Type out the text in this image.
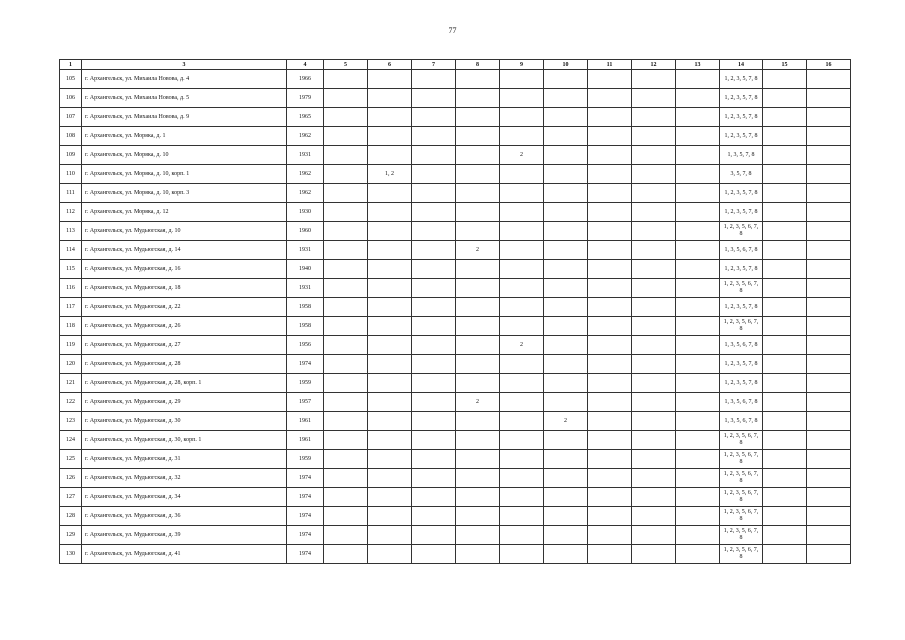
77
1	3	4	5	6	7	8	9	10	11	12	13	14	15	16
105	г. Архангельск, ул. Михаила Новова, д. 4	1966										1, 2, 3, 5, 7, 8		
106	г. Архангельск, ул. Михаила Новова, д. 5	1979										1, 2, 3, 5, 7, 8		
107	г. Архангельск, ул. Михаила Новова, д. 9	1965										1, 2, 3, 5, 7, 8		
108	г. Архангельск, ул. Моряка, д. 1	1962										1, 2, 3, 5, 7, 8		
109	г. Архангельск, ул. Моряка, д. 10	1931					2					1, 3, 5, 7, 8		
110	г. Архангельск, ул. Моряка, д. 10, корп. 1	1962		1, 2								3, 5, 7, 8		
111	г. Архангельск, ул. Моряка, д. 10, корп. 3	1962										1, 2, 3, 5, 7, 8		
112	г. Архангельск, ул. Моряка, д. 12	1930										1, 2, 3, 5, 7, 8		
113	г. Архангельск, ул. Мудьюгская, д. 10	1960										1, 2, 3, 5, 6, 7, 8		
114	г. Архангельск, ул. Мудьюгская, д. 14	1931				2						1, 3, 5, 6, 7, 8		
115	г. Архангельск, ул. Мудьюгская, д. 16	1940										1, 2, 3, 5, 7, 8		
116	г. Архангельск, ул. Мудьюгская, д. 18	1931										1, 2, 3, 5, 6, 7, 8		
117	г. Архангельск, ул. Мудьюгская, д. 22	1958										1, 2, 3, 5, 7, 8		
118	г. Архангельск, ул. Мудьюгская, д. 26	1958										1, 2, 3, 5, 6, 7, 8		
119	г. Архангельск, ул. Мудьюгская, д. 27	1956					2					1, 3, 5, 6, 7, 8		
120	г. Архангельск, ул. Мудьюгская, д. 28	1974										1, 2, 3, 5, 7, 8		
121	г. Архангельск, ул. Мудьюгская, д. 28, корп. 1	1959										1, 2, 3, 5, 7, 8		
122	г. Архангельск, ул. Мудьюгская, д. 29	1957				2						1, 3, 5, 6, 7, 8		
123	г. Архангельск, ул. Мудьюгская, д. 30	1961						2				1, 3, 5, 6, 7, 8		
124	г. Архангельск, ул. Мудьюгская, д. 30, корп. 1	1961										1, 2, 3, 5, 6, 7, 8		
125	г. Архангельск, ул. Мудьюгская, д. 31	1959										1, 2, 3, 5, 6, 7, 8		
126	г. Архангельск, ул. Мудьюгская, д. 32	1974										1, 2, 3, 5, 6, 7, 8		
127	г. Архангельск, ул. Мудьюгская, д. 34	1974										1, 2, 3, 5, 6, 7, 8		
128	г. Архангельск, ул. Мудьюгская, д. 36	1974										1, 2, 3, 5, 6, 7, 8		
129	г. Архангельск, ул. Мудьюгская, д. 39	1974										1, 2, 3, 5, 6, 7, 8		
130	г. Архангельск, ул. Мудьюгская, д. 41	1974										1, 2, 3, 5, 6, 7, 8		
